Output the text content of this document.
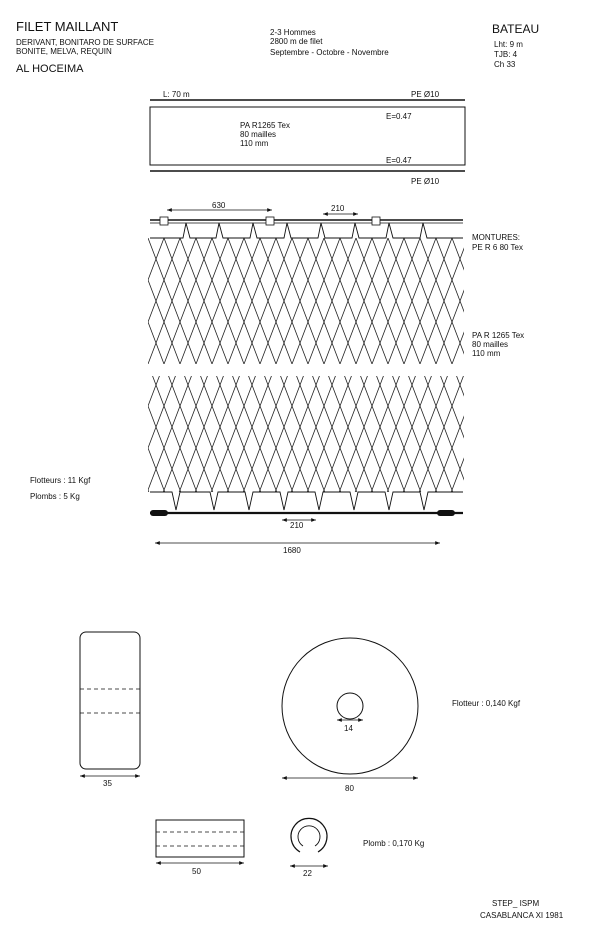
FILET MAILLANT
DERIVANT, BONITARO DE SURFACE
BONITE, MELVA, REQUIN
AL HOCEIMA
2-3 Hommes
2800 m de filet
Septembre - Octobre - Novembre
BATEAU
Lht: 9 m
TJB: 4
Ch 33
L: 70 m	PE Ø10
PA R1265 Tex
80 mailles
110 mm
E=0.47
E=0.47
PE Ø10
630	210
210
1680
MONTURES:
PE R 6 80 Tex
PA R 1265 Tex
80 mailles
110 mm
Flotteurs : 11 Kgf
Plombs : 5 Kg
35
14
80
Flotteur : 0,140 Kgf
50	22
Plomb : 0,170 Kg
STEP_ ISPM
CASABLANCA XI 1981
